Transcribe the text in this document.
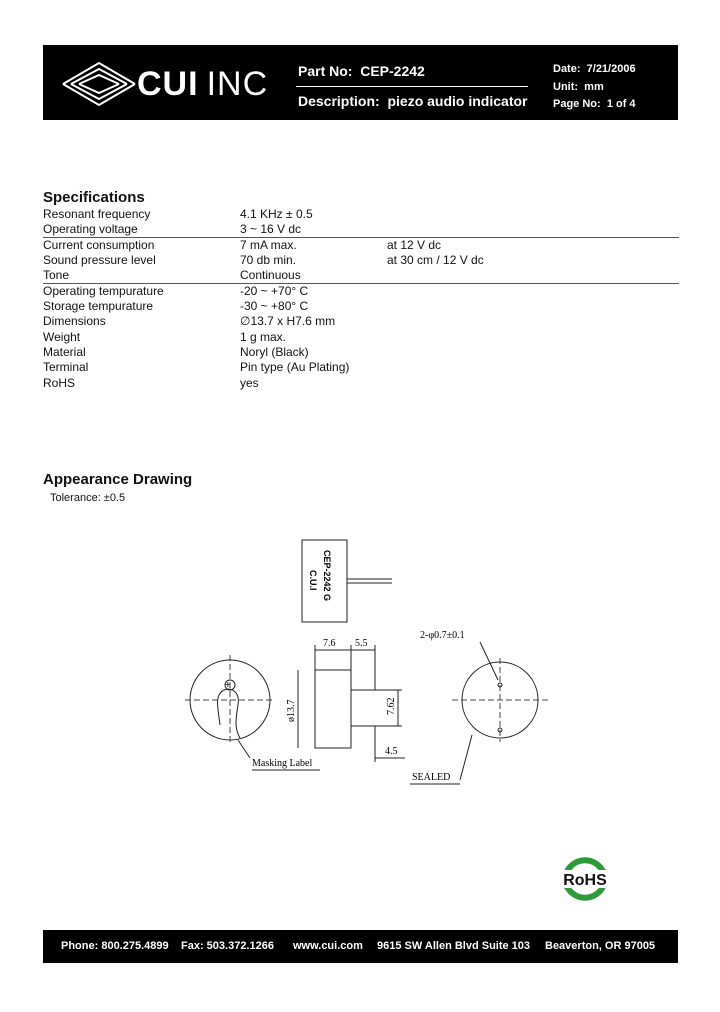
CUI INC Part No: CEP-2242
Description: piezo audio indicator
Date: 7/21/2006
Unit: mm
Page No: 1 of 4
Specifications
Resonant frequency	4.1 KHz ± 0.5
Operating voltage	3 ~ 16 V dc
Current consumption	7 mA max.	at 12 V dc
Sound pressure level	70 db min.	at 30 cm / 12 V dc
Tone	Continuous
Operating tempurature	-20 ~ +70° C
Storage tempurature	-30 ~ +80° C
Dimensions	∅13.7 x H7.6 mm
Weight	1 g max.
Material	Noryl (Black)
Terminal	Pin type (Au Plating)
RoHS	yes
Appearance Drawing
Tolerance: ±0.5
CEP-2242 G
C.U.I
+
Masking Label
7.6 5.5
ø13.7	7.62
4.5
2-φ0.7±0.1
SEALED
RoHS
Phone: 800.275.4899 Fax: 503.372.1266 www.cui.com 9615 SW Allen Blvd Suite 103 Beaverton, OR 97005
